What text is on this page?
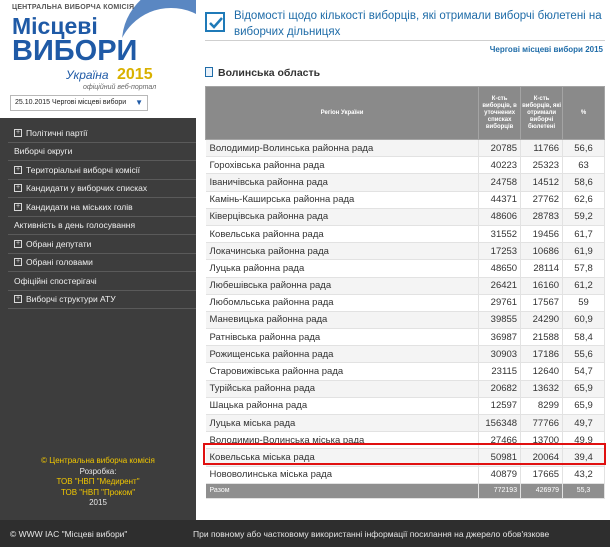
ЦЕНТРАЛЬНА ВИБОРЧА КОМІСІЯ
Місцеві
ВИБОРИ
Україна 2015
офіційний веб-портал
25.10.2015 Чергові місцеві вибори ▼
+ Політичні партії
Виборчі округи
+ Територіальні виборчі комісії
+ Кандидати у виборчих списках
+ Кандидати на міських голів
Активність в день голосування
+ Обрані депутати
+ Обрані головами
Офіційні спостерігачі
+ Виборчі структури АТУ
© Центральна виборча комісія
Розробка:
ТОВ "НВП "Медирент"
ТОВ "НВП "Проком"
2015
Відомості щодо кількості виборців, які отримали виборчі бюлетені на виборчих дільницях
Чергові місцеві вибори 2015
Волинська область
Регіон України	К-сть виборців, в уточнених списках виборців	К-сть виборців, які отримали виборчі бюлетені	%
Володимир-Волинська районна рада	20785	11766	56,6
Горохівська районна рада	40223	25323	63
Іваничівська районна рада	24758	14512	58,6
Камінь-Каширська районна рада	44371	27762	62,6
Ківерцівська районна рада	48606	28783	59,2
Ковельська районна рада	31552	19456	61,7
Локачинська районна рада	17253	10686	61,9
Луцька районна рада	48650	28114	57,8
Любешівська районна рада	26421	16160	61,2
Любомльська районна рада	29761	17567	59
Маневицька районна рада	39855	24290	60,9
Ратнівська районна рада	36987	21588	58,4
Рожищенська районна рада	30903	17186	55,6
Старовижівська районна рада	23115	12640	54,7
Турійська районна рада	20682	13632	65,9
Шацька районна рада	12597	8299	65,9
Луцька міська рада	156348	77766	49,7
Володимир-Волинська міська рада	27466	13700	49,9
Ковельська міська рада	50981	20064	39,4
Нововолинська міська рада	40879	17665	43,2
Разом	772193	426979	55,3
© WWW IAC "Місцеві вибори"	При повному або частковому використанні інформації посилання на джерело обов'язкове
